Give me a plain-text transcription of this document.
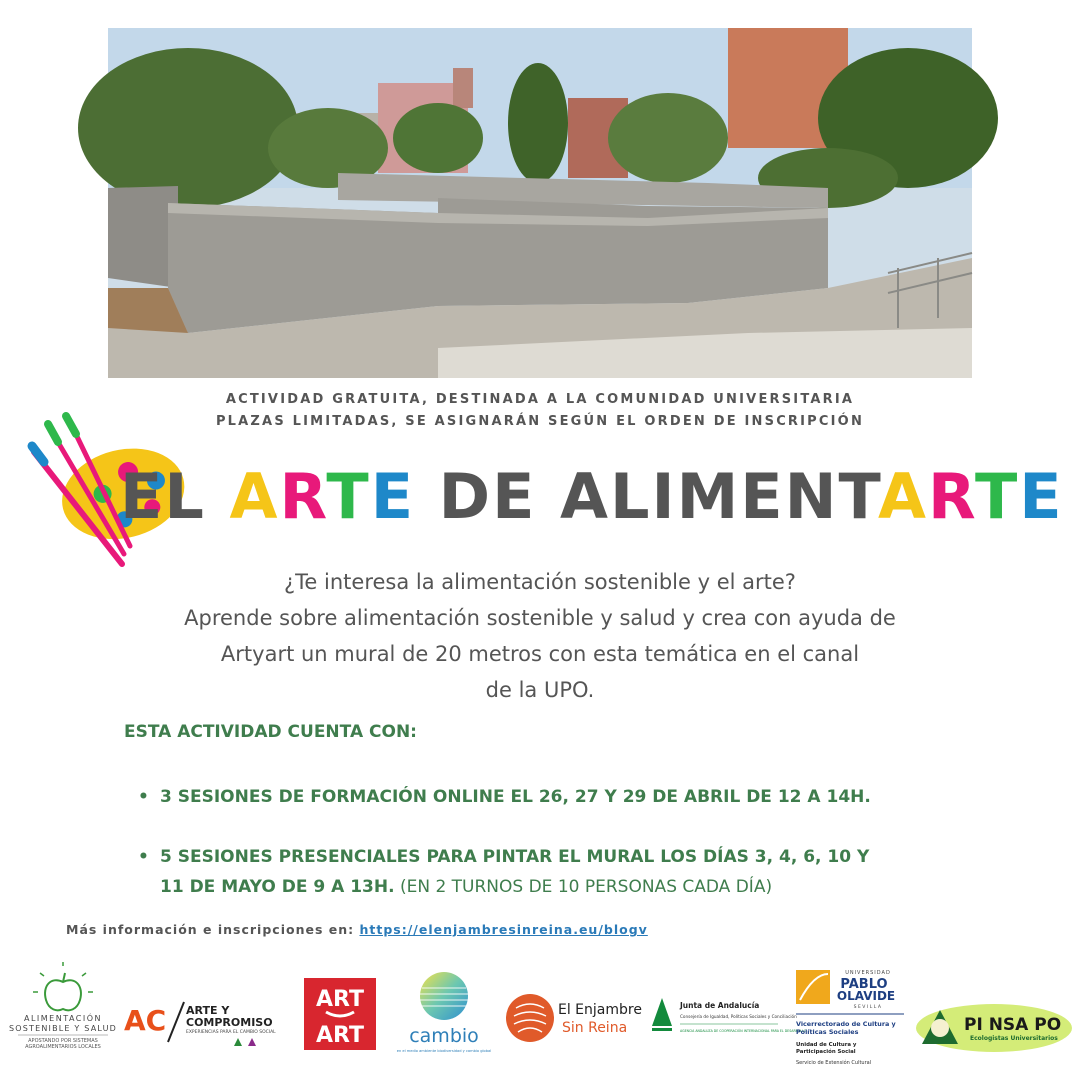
ACTIVIDAD GRATUITA, DESTINADA A LA COMUNIDAD UNIVERSITARIA
PLAZAS LIMITADAS, SE ASIGNARÁN SEGÚN EL ORDEN DE INSCRIPCIÓN
EL ARTE DE ALIMENTARTE
¿Te interesa la alimentación sostenible y el arte?
Aprende sobre alimentación sostenible y salud y crea con ayuda de
Artyart un mural de 20 metros con esta temática en el canal
de la UPO.
ESTA ACTIVIDAD CUENTA CON:
• 3 SESIONES DE FORMACIÓN ONLINE EL 26, 27 Y 29 DE ABRIL DE 12 A 14H.
• 5 SESIONES PRESENCIALES PARA PINTAR EL MURAL LOS DÍAS 3, 4, 6, 10 Y
11 DE MAYO DE 9 A 13H. (EN 2 TURNOS DE 10 PERSONAS CADA DÍA)
Más información e inscripciones en: https://elenjambresinreina.eu/blogv
ALIMENTACIÓN
SOSTENIBLE Y SALUD
APOSTANDO POR SISTEMAS
AGROALIMENTARIOS LOCALES
AC ARTE Y
COMPROMISO
EXPERIENCIAS PARA EL CAMBIO SOCIAL
ART
ART cambio
en el medio ambiente biodiversidad y cambio global
El Enjambre
Sin Reina
Junta de Andalucía
Consejería de Igualdad, Políticas Sociales y Conciliación
AGENCIA ANDALUZA DE COOPERACIÓN INTERNACIONAL PARA EL DESARROLLO
UNIVERSIDAD
PABLO
OLAVIDE
SEVILLA
Vicerrectorado de Cultura y
Políticas Sociales
Unidad de Cultura y
Participación Social
Servicio de Extensión Cultural
PI NSA PO
Ecologistas Universitarios
